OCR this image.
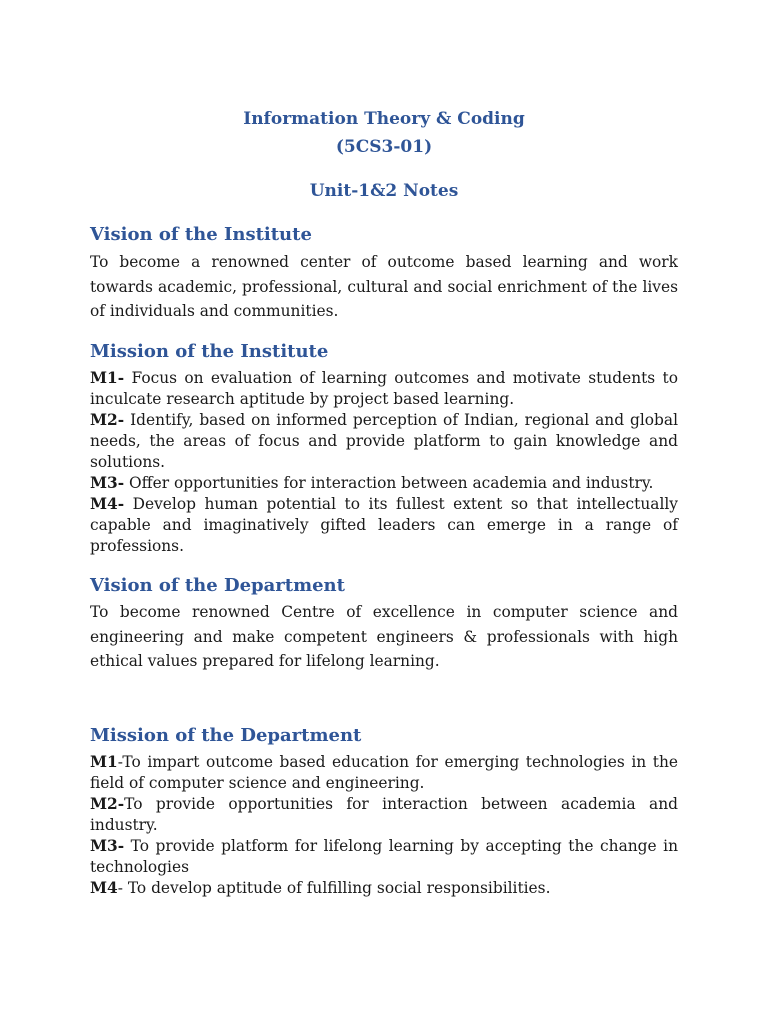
Information Theory & Coding
(5CS3-01)
Unit-1&2 Notes
Vision of the Institute
To become a renowned center of outcome based learning and work towards academic, professional, cultural and social enrichment of the lives of individuals and communities.
Mission of the Institute
M1- Focus on evaluation of learning outcomes and motivate students to inculcate research aptitude by project based learning.
M2- Identify, based on informed perception of Indian, regional and global needs, the areas of focus and provide platform to gain knowledge and solutions.
M3- Offer opportunities for interaction between academia and industry.
M4- Develop human potential to its fullest extent so that intellectually capable and imaginatively gifted leaders can emerge in a range of professions.
Vision of the Department
To become renowned Centre of excellence in computer science and engineering and make competent engineers & professionals with high ethical values prepared for lifelong learning.
Mission of the Department
M1-To impart outcome based education for emerging technologies in the field of computer science and engineering.
M2-To provide opportunities for interaction between academia and industry.
M3- To provide platform for lifelong learning by accepting the change in technologies
M4- To develop aptitude of fulfilling social responsibilities.
